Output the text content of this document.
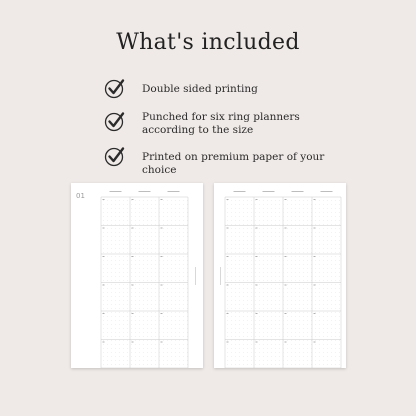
What's included
Double sided printing
Punched for six ring planners according to the size
Printed on premium paper of your choice
01
